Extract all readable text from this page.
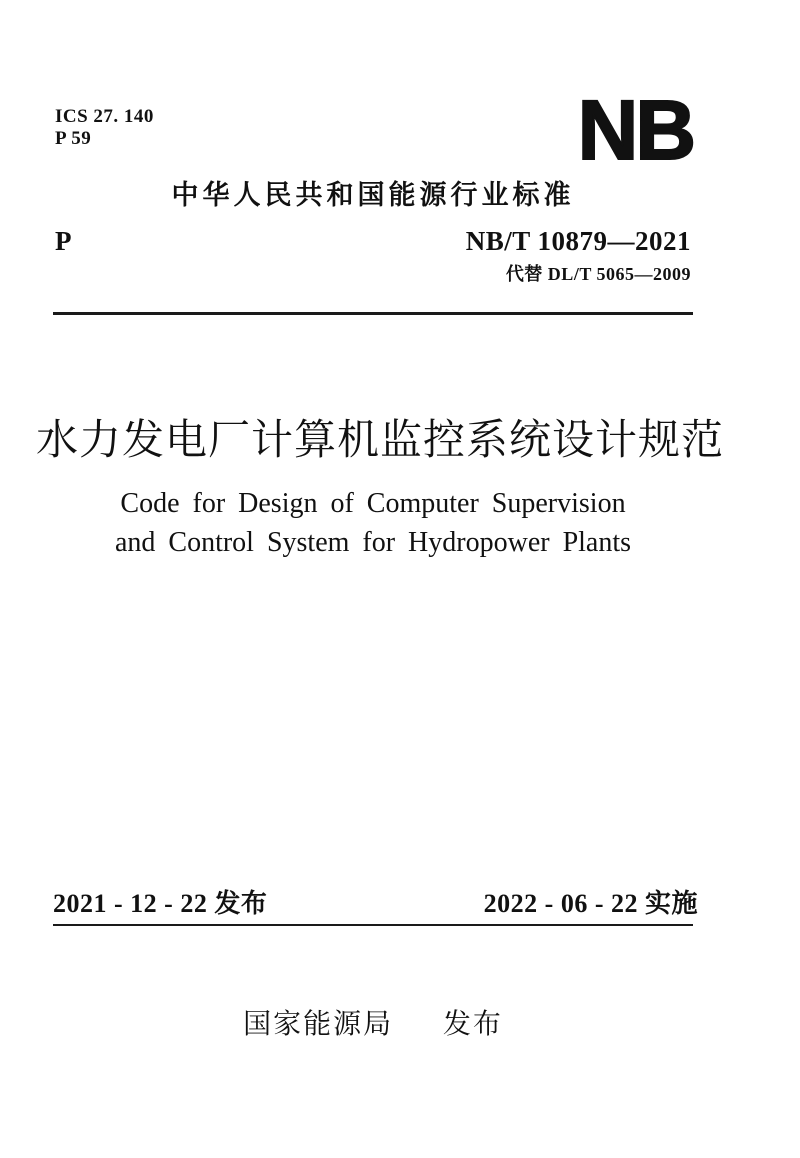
ICS 27. 140
P 59	NB
中华人民共和国能源行业标准
P	NB/T 10879—2021
代替 DL/T 5065—2009
水力发电厂计算机监控系统设计规范
Code for Design of Computer Supervision
and Control System for Hydropower Plants
2021 - 12 - 22 发布	2022 - 06 - 22 实施
国家能源局 发布
